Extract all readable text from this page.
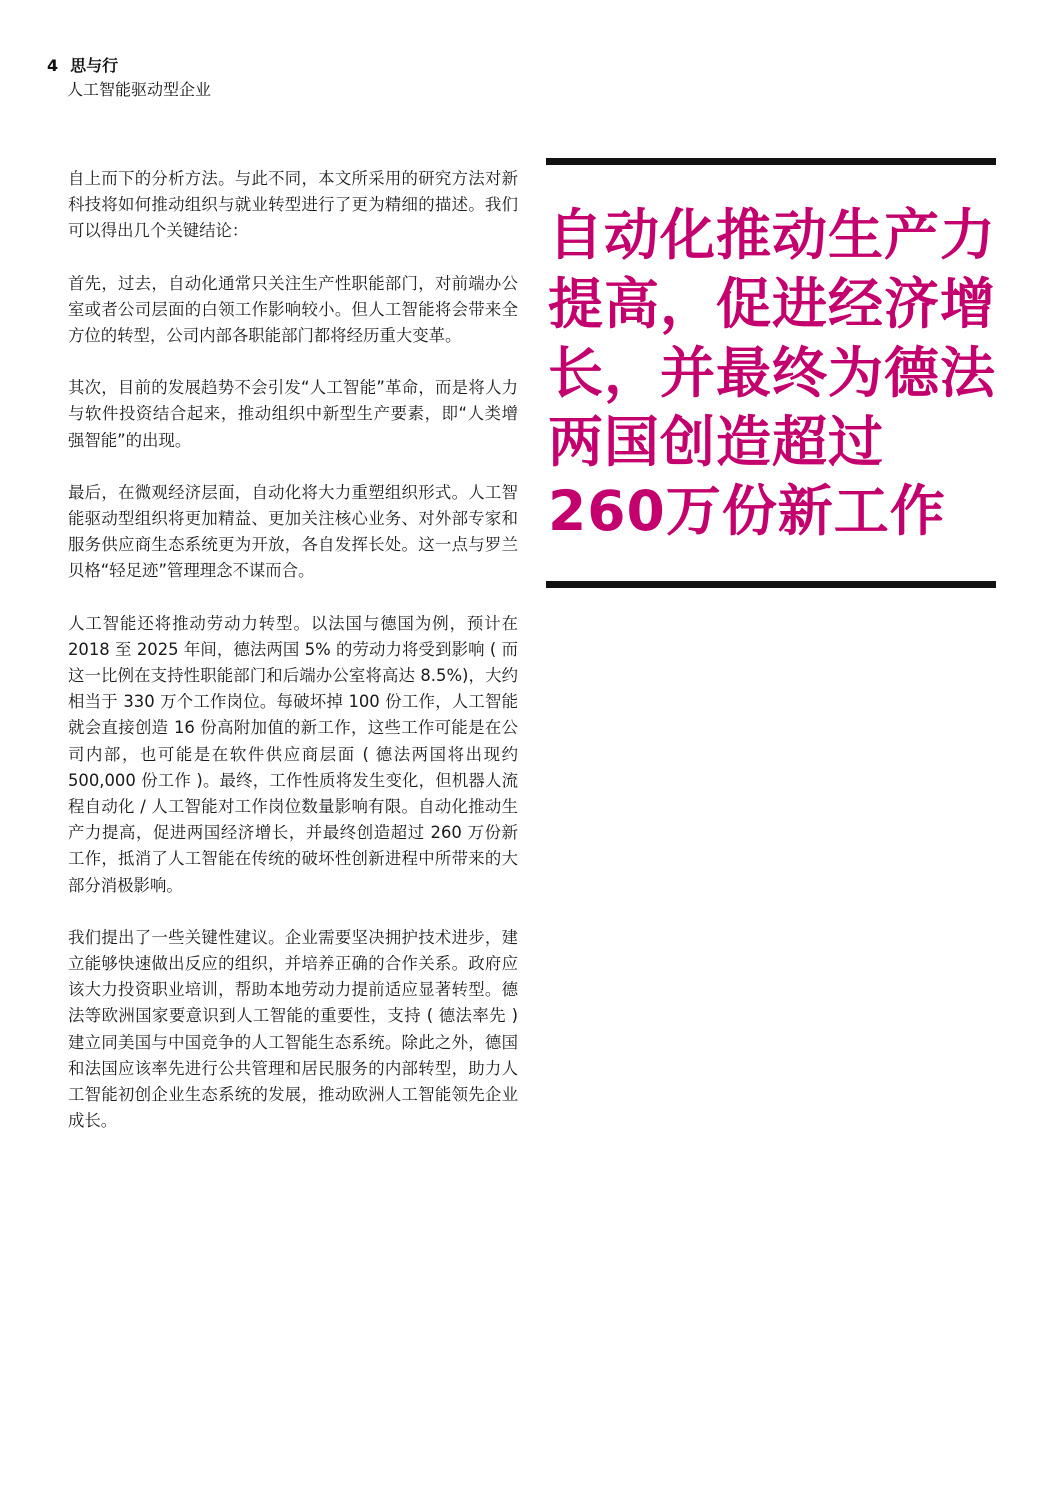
4 思与行
人工智能驱动型企业

自上而下的分析方法。与此不同，本文所采用的研究方法对新科技将如何推动组织与就业转型进行了更为精细的描述。我们可以得出几个关键结论：

首先，过去，自动化通常只关注生产性职能部门，对前端办公室或者公司层面的白领工作影响较小。但人工智能将会带来全方位的转型，公司内部各职能部门都将经历重大变革。

其次，目前的发展趋势不会引发“人工智能”革命，而是将人力与软件投资结合起来，推动组织中新型生产要素，即“人类增强智能”的出现。

最后，在微观经济层面，自动化将大力重塑组织形式。人工智能驱动型组织将更加精益、更加关注核心业务、对外部专家和服务供应商生态系统更为开放，各自发挥长处。这一点与罗兰贝格“轻足迹”管理理念不谋而合。

人工智能还将推动劳动力转型。以法国与德国为例，预计在 2018 至 2025 年间，德法两国 5% 的劳动力将受到影响 ( 而这一比例在支持性职能部门和后端办公室将高达 8.5%)，大约相当于 330 万个工作岗位。每破坏掉 100 份工作，人工智能就会直接创造 16 份高附加值的新工作，这些工作可能是在公司内部，也可能是在软件供应商层面 ( 德法两国将出现约 500,000 份工作 )。最终，工作性质将发生变化，但机器人流程自动化 / 人工智能对工作岗位数量影响有限。自动化推动生产力提高，促进两国经济增长，并最终创造超过 260 万份新工作，抵消了人工智能在传统的破坏性创新进程中所带来的大部分消极影响。

我们提出了一些关键性建议。企业需要坚决拥护技术进步，建立能够快速做出反应的组织，并培养正确的合作关系。政府应该大力投资职业培训，帮助本地劳动力提前适应显著转型。德法等欧洲国家要意识到人工智能的重要性，支持 ( 德法率先 ) 建立同美国与中国竞争的人工智能生态系统。除此之外，德国和法国应该率先进行公共管理和居民服务的内部转型，助力人工智能初创企业生态系统的发展，推动欧洲人工智能领先企业成长。

自动化推动生产力提高，促进经济增长，并最终为德法两国创造超过260万份新工作
